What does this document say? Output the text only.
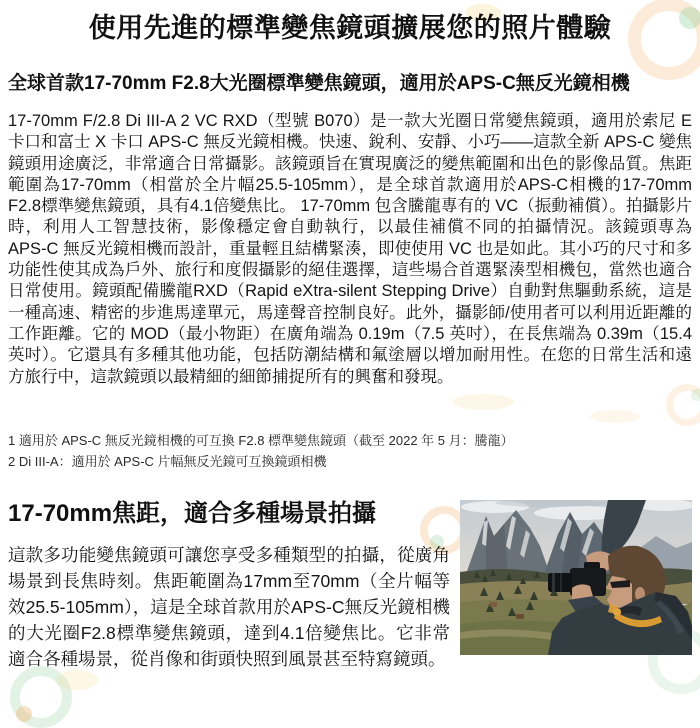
使用先進的標準變焦鏡頭擴展您的照片體驗
全球首款17-70mm F2.8大光圈標準變焦鏡頭，適用於APS-C無反光鏡相機

17-70mm F/2.8 Di III-A 2 VC RXD（型號 B070）是一款大光圈日常變焦鏡頭，適用於索尼 E 卡口和富士 X 卡口 APS-C 無反光鏡相機。快速、銳利、安靜、小巧——這款全新 APS-C 變焦鏡頭用途廣泛，非常適合日常攝影。該鏡頭旨在實現廣泛的變焦範圍和出色的影像品質。焦距範圍為17-70mm（相當於全片幅25.5-105mm），是全球首款適用於APS-C相機的17-70mm F2.8標準變焦鏡頭，具有4.1倍變焦比。 17-70mm 包含騰龍專有的 VC（振動補償）。拍攝影片時，利用人工智慧技術，影像穩定會自動執行，以最佳補償不同的拍攝情況。該鏡頭專為 APS-C 無反光鏡相機而設計，重量輕且結構緊湊，即使使用 VC 也是如此。其小巧的尺寸和多功能性使其成為戶外、旅行和度假攝影的絕佳選擇，這些場合首選緊湊型相機包，當然也適合日常使用。鏡頭配備騰龍RXD（Rapid eXtra-silent Stepping Drive）自動對焦驅動系統，這是一種高速、精密的步進馬達單元，馬達聲音控制良好。此外，攝影師/使用者可以利用近距離的工作距離。它的 MOD（最小物距）在廣角端為 0.19m（7.5 英吋），在長焦端為 0.39m（15.4 英吋）。它還具有多種其他功能，包括防潮結構和氟塗層以增加耐用性。在您的日常生活和遠方旅行中，這款鏡頭以最精細的細節捕捉所有的興奮和發現。

1 適用於 APS-C 無反光鏡相機的可互換 F2.8 標準變焦鏡頭（截至 2022 年 5 月：騰龍）

2 Di III-A：適用於 APS-C 片幅無反光鏡可互換鏡頭相機

17-70mm焦距，適合多種場景拍攝

這款多功能變焦鏡頭可讓您享受多種類型的拍攝，從廣角場景到長焦時刻。焦距範圍為17mm至70mm（全片幅等效25.5-105mm），這是全球首款用於APS-C無反光鏡相機的大光圈F2.8標準變焦鏡頭，達到4.1倍變焦比。它非常適合各種場景，從肖像和街頭快照到風景甚至特寫鏡頭。
